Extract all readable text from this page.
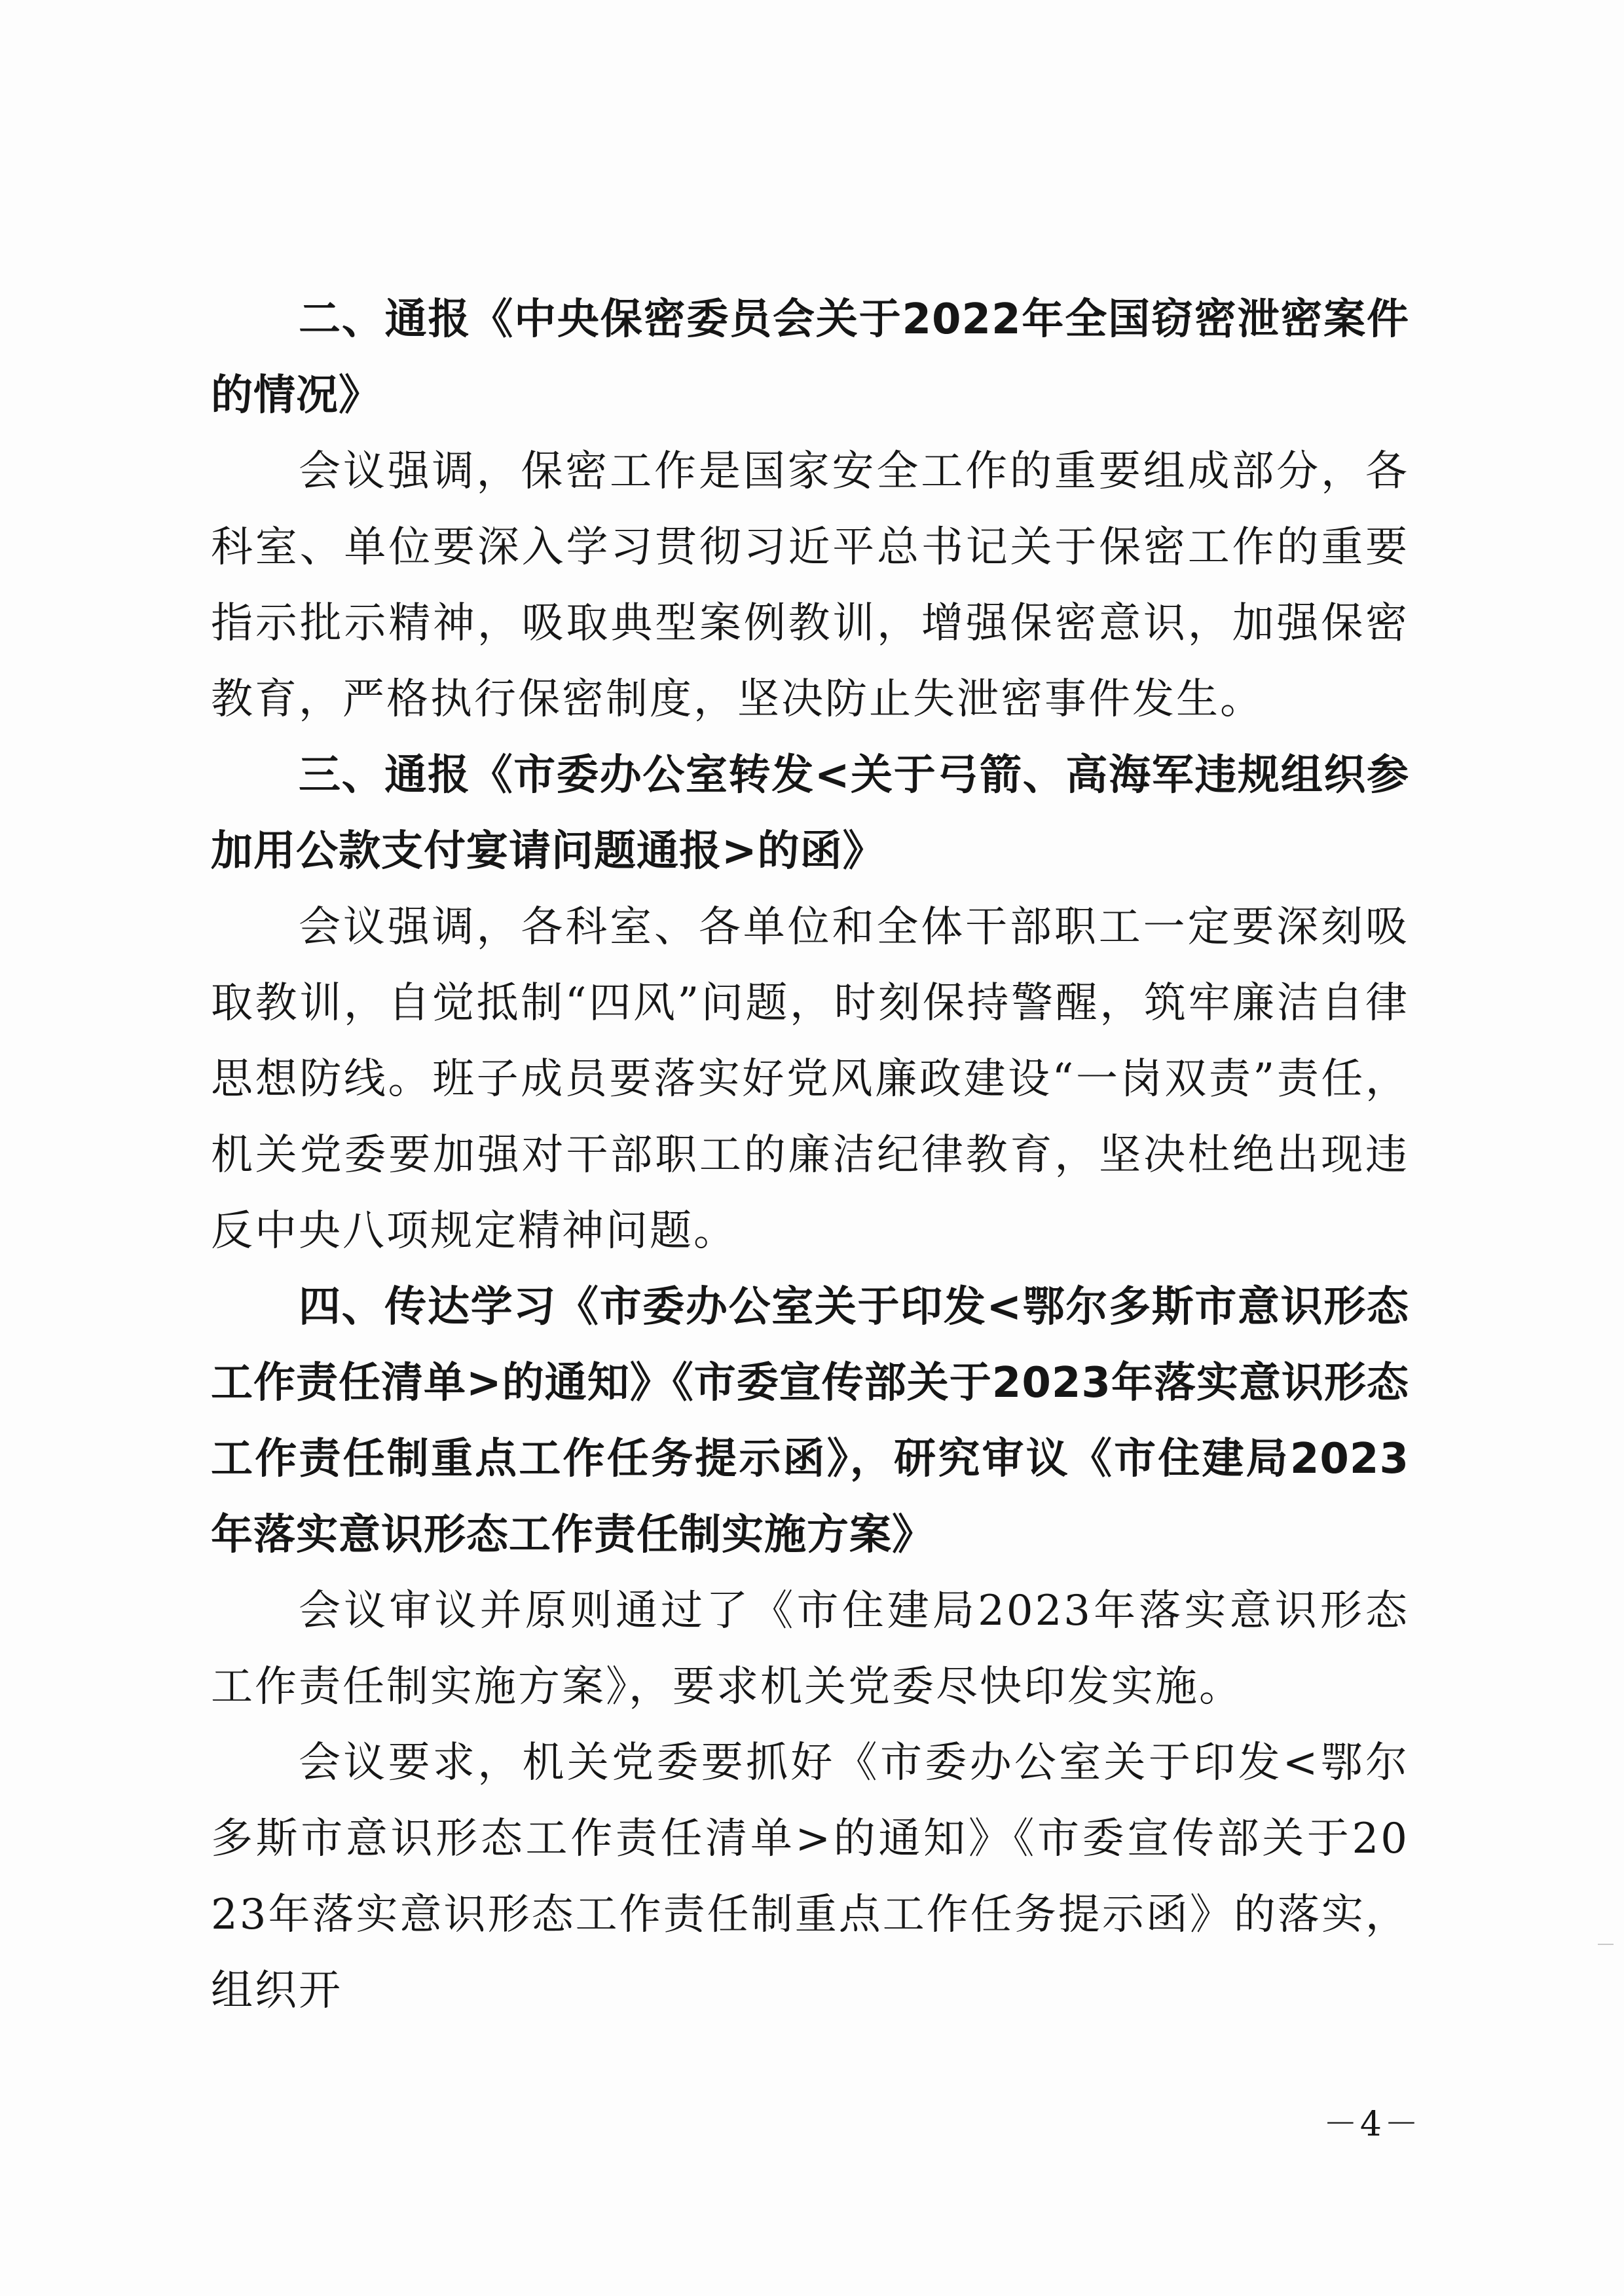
二、通报《中央保密委员会关于2022年全国窃密泄密案件的情况》

会议强调，保密工作是国家安全工作的重要组成部分，各科室、单位要深入学习贯彻习近平总书记关于保密工作的重要指示批示精神，吸取典型案例教训，增强保密意识，加强保密教育，严格执行保密制度，坚决防止失泄密事件发生。

三、通报《市委办公室转发<关于弓箭、高海军违规组织参加用公款支付宴请问题通报>的函》

会议强调，各科室、各单位和全体干部职工一定要深刻吸取教训，自觉抵制“四风”问题，时刻保持警醒，筑牢廉洁自律思想防线。班子成员要落实好党风廉政建设“一岗双责”责任，机关党委要加强对干部职工的廉洁纪律教育，坚决杜绝出现违反中央八项规定精神问题。

四、传达学习《市委办公室关于印发<鄂尔多斯市意识形态工作责任清单>的通知》《市委宣传部关于2023年落实意识形态工作责任制重点工作任务提示函》，研究审议《市住建局2023年落实意识形态工作责任制实施方案》

会议审议并原则通过了《市住建局2023年落实意识形态工作责任制实施方案》，要求机关党委尽快印发实施。

会议要求，机关党委要抓好《市委办公室关于印发<鄂尔多斯市意识形态工作责任清单>的通知》《市委宣传部关于2023年落实意识形态工作责任制重点工作任务提示函》的落实，组织开

－4－
